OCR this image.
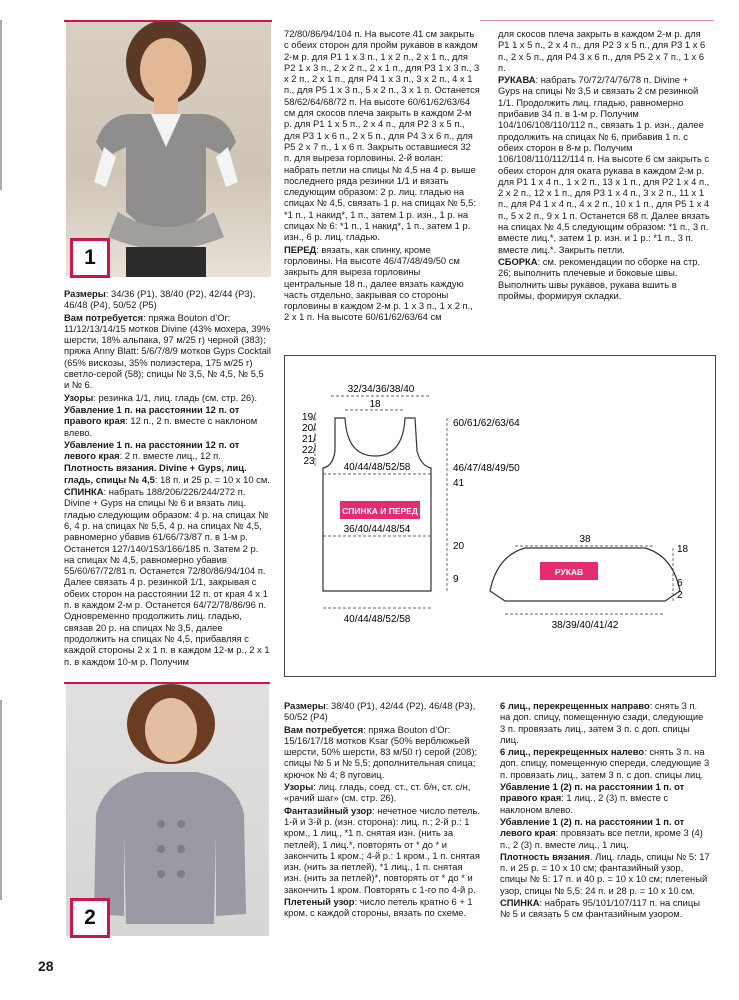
1

Размеры: 34/36 (P1), 38/40 (P2), 42/44 (P3), 46/48 (P4), 50/52 (P5)

Вам потребуется: пряжа Bouton d’Or: 11/12/13/14/15 мотков Divine (43% мохера, 39% шерсти, 18% альпака, 97 м/25 г) черной (383); пряжа Anny Blatt: 5/6/7/8/9 мотков Gyps Cocktail (65% вискозы, 35% полиэстера, 175 м/25 г) светло-серой (58); спицы № 3,5, № 4,5, № 5,5 и № 6.

Узоры: резинка 1/1, лиц. гладь (см. стр. 26).

Убавление 1 п. на расстоянии 12 п. от правого края: 12 п., 2 п. вместе с наклоном влево.

Убавление 1 п. на расстоянии 12 п. от левого края: 2 п. вместе лиц., 12 п.

Плотность вязания. Divine + Gyps, лиц. гладь, спицы № 4,5: 18 п. и 25 р. = 10 х 10 см.

СПИНКА: набрать 188/206/226/244/272 п. Divine + Gyps на спицы № 6 и вязать лиц. гладью следующим образом: 4 р. на спицах № 6, 4 р. на спицах № 5,5, 4 р. на спицах № 4,5, равномерно убавив 61/66/73/87 п. в 1-м р. Останется 127/140/153/166/185 п. Затем 2 р. на спицах № 4,5, равномерно убавив 55/60/67/72/81 п. Останется 72/80/86/94/104 п. Далее связать 4 р. резинкой 1/1, закрывая с обеих сторон на расстоянии 12 п. от края 4 х 1 п. в каждом 2-м р. Останется 64/72/78/86/96 п. Одновременно продолжить лиц. гладью, связав 20 р. на спицах № 3,5, далее продолжить на спицах № 4,5, прибавляя с каждой стороны 2 х 1 п. в каждом 12-м р., 2 х 1 п. в каждом 10-м р. Получим

72/80/86/94/104 п. На высоте 41 см закрыть с обеих сторон для пройм рукавов в каждом 2-м р. для P1 1 х 3 п., 1 х 2 п., 2 х 1 п., для P2 1 х 3 п., 2 х 2 п., 2 х 1 п., для P3 1 х 3 п., 3 х 2 п., 2 х 1 п., для P4 1 х 3 п., 3 х 2 п., 4 х 1 п., для P5 1 х 3 п., 5 х 2 п., 3 х 1 п. Останется 58/62/64/68/72 п. На высоте 60/61/62/63/64 см для скосов плеча закрыть в каждом 2-м р. для P1 1 х 5 п., 2 х 4 п., для P2 3 х 5 п., для P3 1 х 6 п., 2 х 5 п., для P4 3 х 6 п., для P5 2 х 7 п., 1 х 6 п. Закрыть оставшиеся 32 п. для выреза горловины. 2-й волан: набрать петли на спицы № 4,5 на 4 р. выше последнего ряда резинки 1/1 и вязать следующим образом: 2 р. лиц. гладью на спицах № 4,5, связать 1 р. на спицах № 5,5: *1 п., 1 накид*, 1 п., затем 1 р. изн., 1 р. на спицах № 6: *1 п., 1 накид*, 1 п., затем 1 р. изн., 6 р. лиц. гладью.

ПЕРЕД: вязать, как спинку, кроме горловины. На высоте 46/47/48/49/50 см закрыть для выреза горловины центральные 18 п., далее вязать каждую часть отдельно, закрывая со стороны горловины в каждом 2-м р. 1 х 3 п., 1 х 2 п., 2 х 1 п. На высоте 60/61/62/63/64 см

для скосов плеча закрыть в каждом 2-м р. для P1 1 х 5 п., 2 х 4 п., для P2 3 х 5 п., для P3 1 х 6 п., 2 х 5 п., для P4 3 х 6 п., для P5 2 х 7 п., 1 х 6 п.

РУКАВА: набрать 70/72/74/76/78 п. Divine + Gyps на спицы № 3,5 и связать 2 см резинкой 1/1. Продолжить лиц. гладью, равномерно прибавив 34 п. в 1-м р. Получим 104/106/108/110/112 п., связать 1 р. изн., далее продолжить на спицах № 6, прибавив 1 п. с обеих сторон в 8-м р. Получим 106/108/110/112/114 п. На высоте 6 см закрыть с обеих сторон для оката рукава в каждом 2-м р. для P1 1 х 4 п., 1 х 2 п., 13 х 1 п., для P2 1 х 4 п., 2 х 2 п., 12 х 1 п., для P3 1 х 4 п., 3 х 2 п., 11 х 1 п., для P4 1 х 4 п., 4 х 2 п., 10 х 1 п., для P5 1 х 4 п., 5 х 2 п., 9 х 1 п. Останется 68 п. Далее вязать на спицах № 4,5 следующим образом: *1 п., 3 п. вместе лиц.*, затем 1 р. изн. и 1 р.: *1 п., 3 п. вместе лиц.*. Закрыть петли.

СБОРКА: см. рекомендации по сборке на стр. 26; выполнить плечевые и боковые швы. Выполнить швы рукавов, рукава вшить в проймы, формируя складки.

СПИНКА И ПЕРЕД
РУКАВ
32/34/36/38/40
18
19/
20/
21/
22/
23
60/61/62/63/64
46/47/48/49/50
41
20
9
40/44/48/52/58
36/40/44/48/54
40/44/48/52/58
38
18
6
2
38/39/40/41/42
2

Размеры: 38/40 (P1), 42/44 (P2), 46/48 (P3), 50/52 (P4)

Вам потребуется: пряжа Bouton d’Or: 15/16/17/18 мотков Ksar (50% верблюжьей шерсти, 50% шерсти, 83 м/50 г) серой (208); спицы № 5 и № 5,5; дополнительная спица; крючок № 4; 8 пуговиц.

Узоры: лиц. гладь, соед. ст., ст. б/н, ст. с/н, «рачий шаг» (см. стр. 26).

Фантазийный узор: нечетное число петель. 1-й и 3-й р. (изн. сторона): лиц. п.; 2-й р.: 1 кром., 1 лиц., *1 п. снятая изн. (нить за петлей), 1 лиц.*, повторять от * до * и закончить 1 кром.; 4-й р.: 1 кром., 1 п. снятая изн. (нить за петлей), *1 лиц., 1 п. снятая изн. (нить за петлей)*, повторять от * до * и закончить 1 кром. Повторять с 1-го по 4-й р.

Плетеный узор: число петель кратно 6 + 1 кром. с каждой стороны, вязать по схеме.

6 лиц., перекрещенных направо: снять 3 п. на доп. спицу, помещенную сзади, следующие 3 п. провязать лиц., затем 3 п. с доп. спицы лиц.

6 лиц., перекрещенных налево: снять 3 п. на доп. спицу, помещенную спереди, следующие 3 п. провязать лиц., затем 3 п. с доп. спицы лиц.

Убавление 1 (2) п. на расстоянии 1 п. от правого края: 1 лиц., 2 (3) п. вместе с наклоном влево.

Убавление 1 (2) п. на расстоянии 1 п. от левого края: провязать все петли, кроме 3 (4) п., 2 (3) п. вместе лиц., 1 лиц.

Плотность вязания. Лиц. гладь, спицы № 5: 17 п. и 25 р. = 10 х 10 см; фантазийный узор, спицы № 5: 17 п. и 40 р. = 10 х 10 см; плетеный узор, спицы № 5,5: 24 п. и 28 р. = 10 х 10 см.

СПИНКА: набрать 95/101/107/117 п. на спицы № 5 и связать 5 см фантазийным узором.

28
